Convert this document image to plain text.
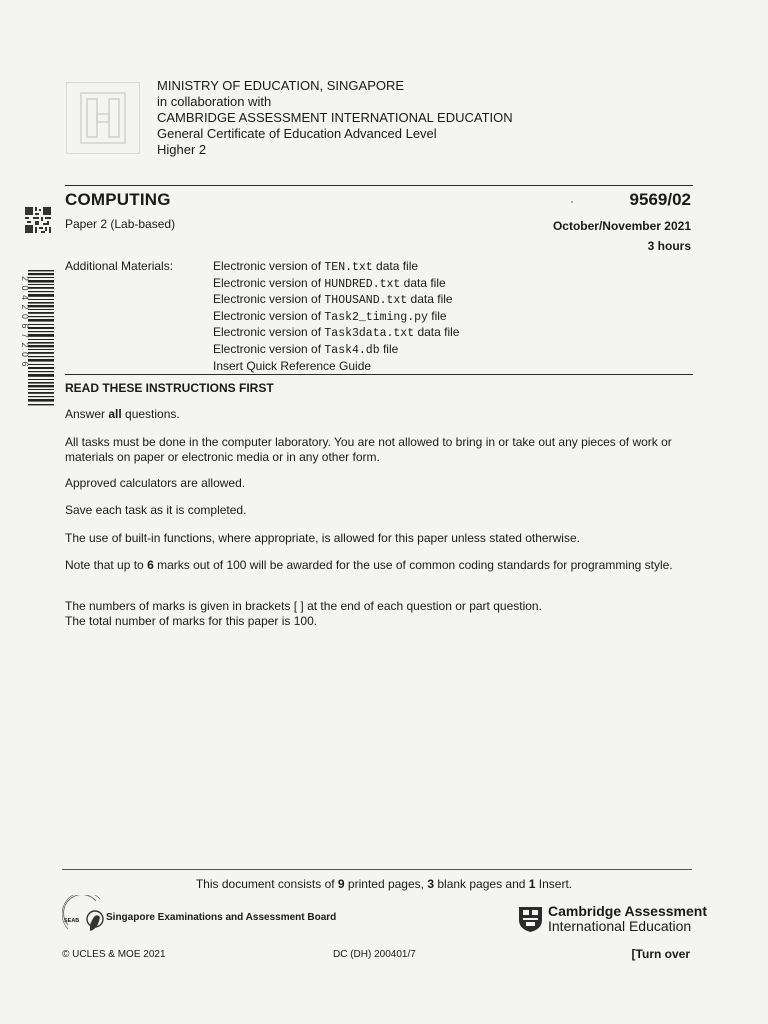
MINISTRY OF EDUCATION, SINGAPORE
in collaboration with
CAMBRIDGE ASSESSMENT INTERNATIONAL EDUCATION
General Certificate of Education Advanced Level
Higher 2
COMPUTING	9569/02
Paper 2 (Lab-based)	October/November 2021
3 hours
2042067206
Additional Materials:	Electronic version of TEN.txt data file
Electronic version of HUNDRED.txt data file
Electronic version of THOUSAND.txt data file
Electronic version of Task2_timing.py file
Electronic version of Task3data.txt data file
Electronic version of Task4.db file
Insert Quick Reference Guide
READ THESE INSTRUCTIONS FIRST
Answer all questions.
All tasks must be done in the computer laboratory. You are not allowed to bring in or take out any pieces of work or materials on paper or electronic media or in any other form.
Approved calculators are allowed.
Save each task as it is completed.
The use of built-in functions, where appropriate, is allowed for this paper unless stated otherwise.
Note that up to 6 marks out of 100 will be awarded for the use of common coding standards for programming style.
The numbers of marks is given in brackets [ ] at the end of each question or part question.
The total number of marks for this paper is 100.
This document consists of 9 printed pages, 3 blank pages and 1 Insert.
SEAB	Singapore Examinations and Assessment Board	Cambridge Assessment
International Education
© UCLES & MOE 2021	DC (DH) 200401/7	[Turn over
